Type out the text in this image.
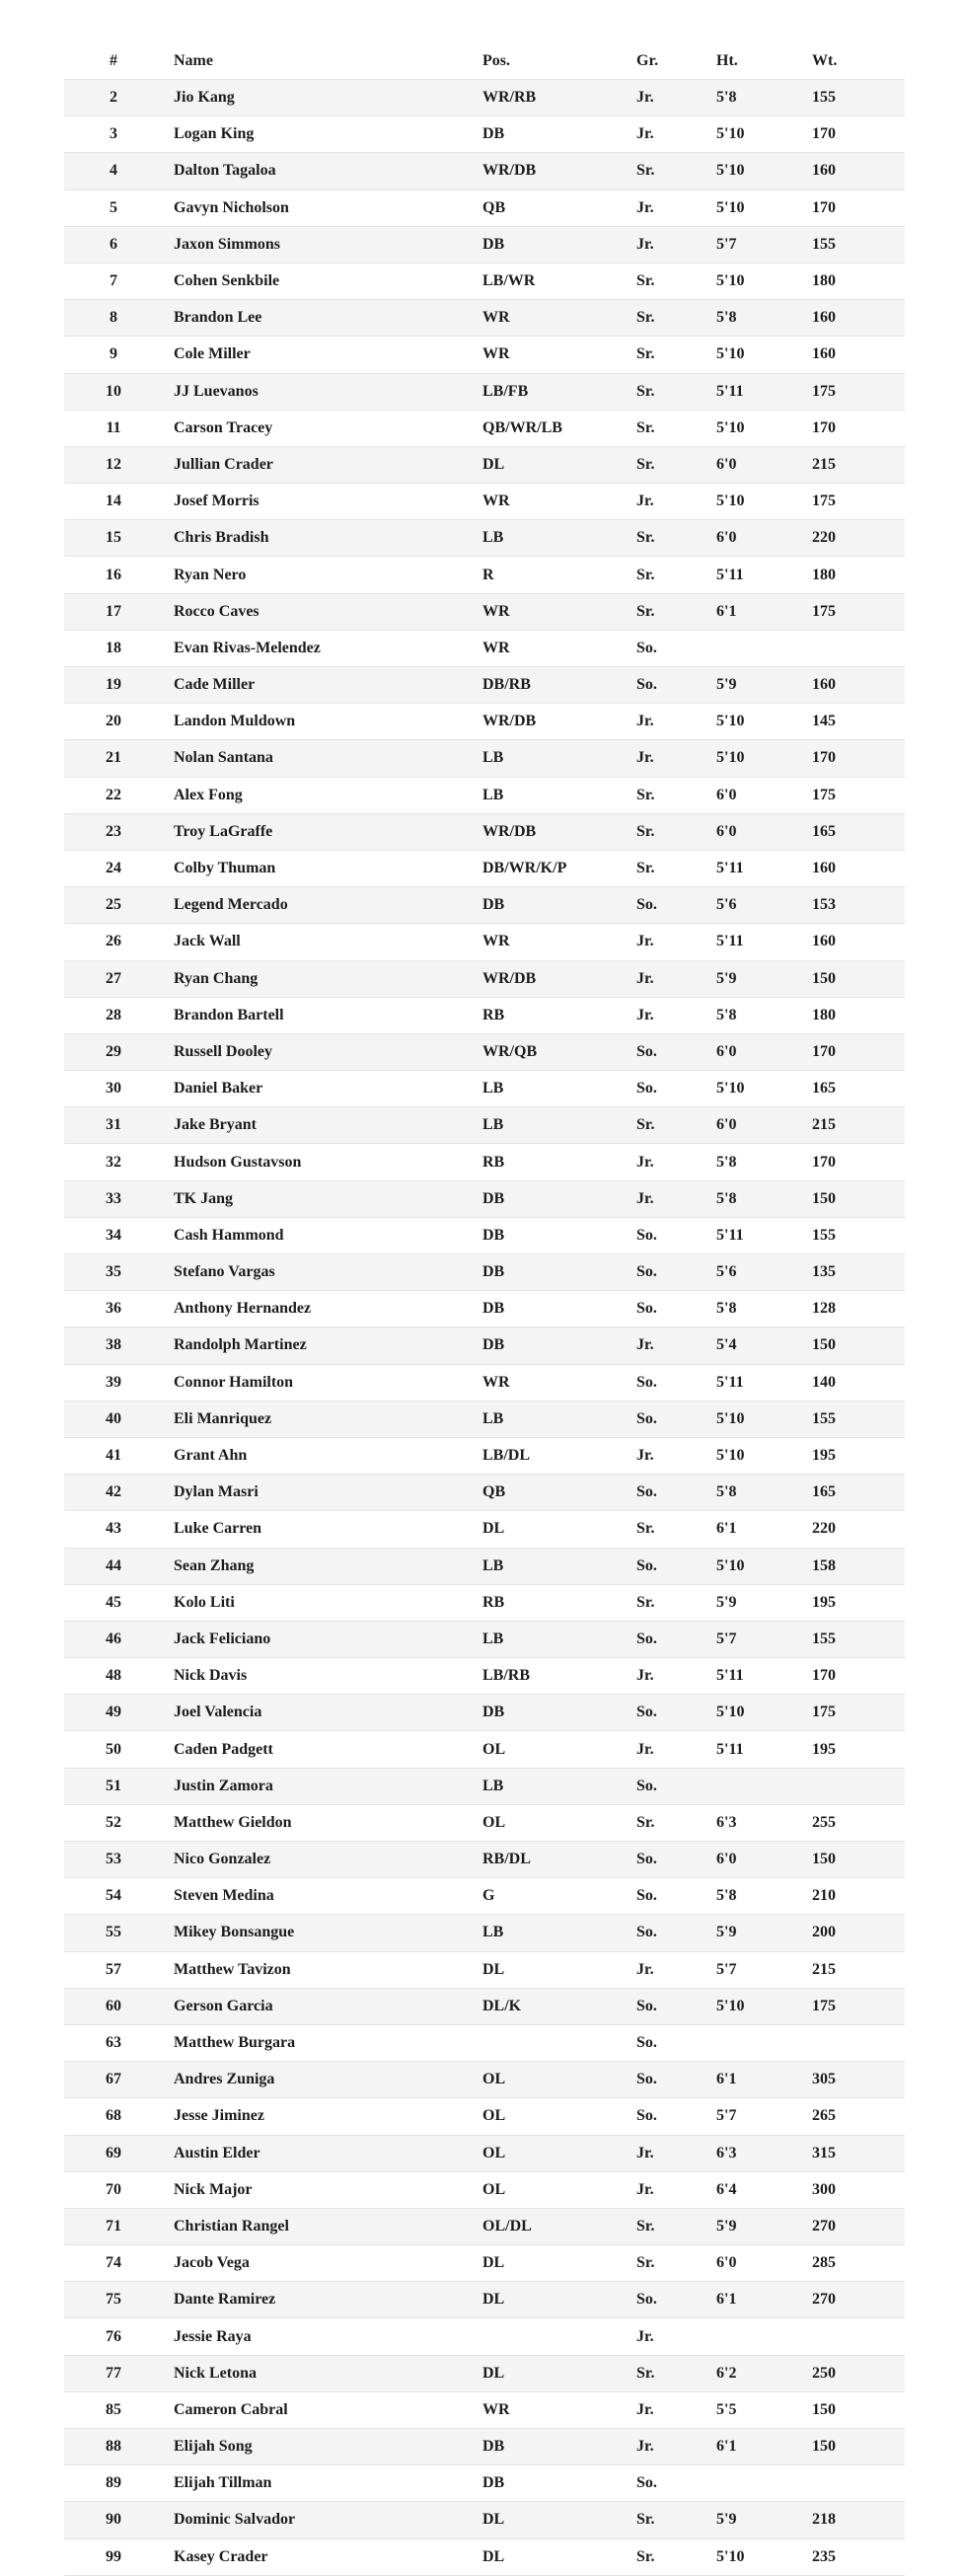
#	Name	Pos.	Gr.	Ht.	Wt.
2	Jio Kang	WR/RB	Jr.	5'8	155
3	Logan King	DB	Jr.	5'10	170
4	Dalton Tagaloa	WR/DB	Sr.	5'10	160
5	Gavyn Nicholson	QB	Jr.	5'10	170
6	Jaxon Simmons	DB	Jr.	5'7	155
7	Cohen Senkbile	LB/WR	Sr.	5'10	180
8	Brandon Lee	WR	Sr.	5'8	160
9	Cole Miller	WR	Sr.	5'10	160
10	JJ Luevanos	LB/FB	Sr.	5'11	175
11	Carson Tracey	QB/WR/LB	Sr.	5'10	170
12	Jullian Crader	DL	Sr.	6'0	215
14	Josef Morris	WR	Jr.	5'10	175
15	Chris Bradish	LB	Sr.	6'0	220
16	Ryan Nero	R	Sr.	5'11	180
17	Rocco Caves	WR	Sr.	6'1	175
18	Evan Rivas-Melendez	WR	So.		
19	Cade Miller	DB/RB	So.	5'9	160
20	Landon Muldown	WR/DB	Jr.	5'10	145
21	Nolan Santana	LB	Jr.	5'10	170
22	Alex Fong	LB	Sr.	6'0	175
23	Troy LaGraffe	WR/DB	Sr.	6'0	165
24	Colby Thuman	DB/WR/K/P	Sr.	5'11	160
25	Legend Mercado	DB	So.	5'6	153
26	Jack Wall	WR	Jr.	5'11	160
27	Ryan Chang	WR/DB	Jr.	5'9	150
28	Brandon Bartell	RB	Jr.	5'8	180
29	Russell Dooley	WR/QB	So.	6'0	170
30	Daniel Baker	LB	So.	5'10	165
31	Jake Bryant	LB	Sr.	6'0	215
32	Hudson Gustavson	RB	Jr.	5'8	170
33	TK Jang	DB	Jr.	5'8	150
34	Cash Hammond	DB	So.	5'11	155
35	Stefano Vargas	DB	So.	5'6	135
36	Anthony Hernandez	DB	So.	5'8	128
38	Randolph Martinez	DB	Jr.	5'4	150
39	Connor Hamilton	WR	So.	5'11	140
40	Eli Manriquez	LB	So.	5'10	155
41	Grant Ahn	LB/DL	Jr.	5'10	195
42	Dylan Masri	QB	So.	5'8	165
43	Luke Carren	DL	Sr.	6'1	220
44	Sean Zhang	LB	So.	5'10	158
45	Kolo Liti	RB	Sr.	5'9	195
46	Jack Feliciano	LB	So.	5'7	155
48	Nick Davis	LB/RB	Jr.	5'11	170
49	Joel Valencia	DB	So.	5'10	175
50	Caden Padgett	OL	Jr.	5'11	195
51	Justin Zamora	LB	So.		
52	Matthew Gieldon	OL	Sr.	6'3	255
53	Nico Gonzalez	RB/DL	So.	6'0	150
54	Steven Medina	G	So.	5'8	210
55	Mikey Bonsangue	LB	So.	5'9	200
57	Matthew Tavizon	DL	Jr.	5'7	215
60	Gerson Garcia	DL/K	So.	5'10	175
63	Matthew Burgara		So.		
67	Andres Zuniga	OL	So.	6'1	305
68	Jesse Jiminez	OL	So.	5'7	265
69	Austin Elder	OL	Jr.	6'3	315
70	Nick Major	OL	Jr.	6'4	300
71	Christian Rangel	OL/DL	Sr.	5'9	270
74	Jacob Vega	DL	Sr.	6'0	285
75	Dante Ramirez	DL	So.	6'1	270
76	Jessie Raya		Jr.		
77	Nick Letona	DL	Sr.	6'2	250
85	Cameron Cabral	WR	Jr.	5'5	150
88	Elijah Song	DB	Jr.	6'1	150
89	Elijah Tillman	DB	So.		
90	Dominic Salvador	DL	Sr.	5'9	218
99	Kasey Crader	DL	Sr.	5'10	235
